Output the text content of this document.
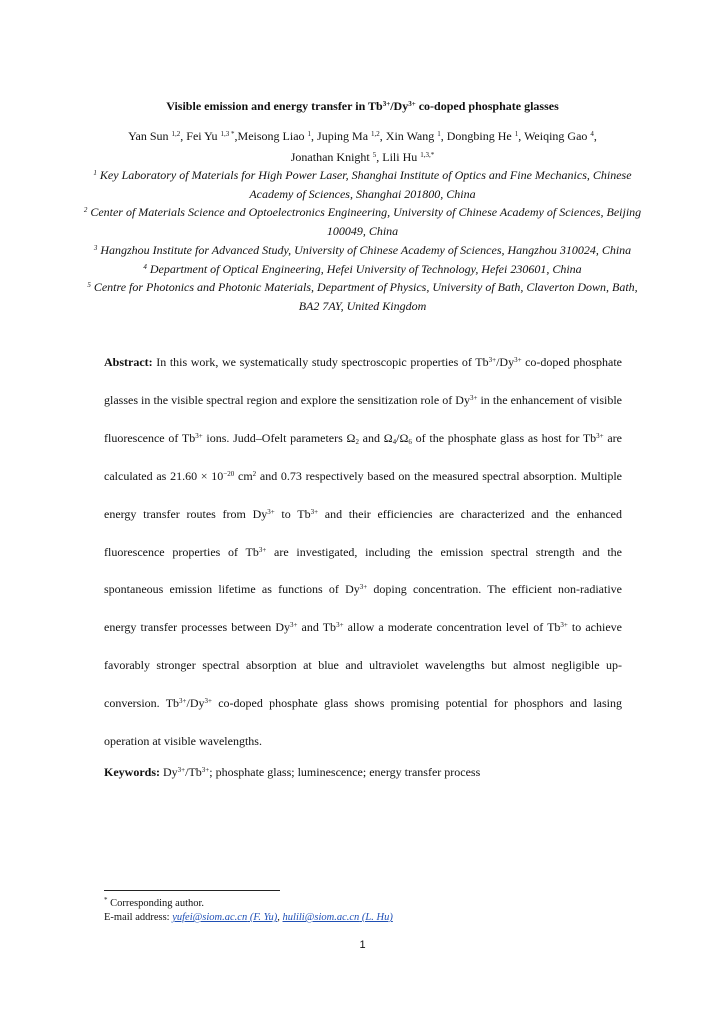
Visible emission and energy transfer in $Tb^{3+}/Dy^{3+}$ co-doped phosphate glasses
Yan Sun $^{1,2}$, Fei Yu $^{1,3 *}$,Meisong Liao $^1$, Juping Ma $^{1,2}$, Xin Wang $^1$, Dongbing He $^1$, Weiqing Gao $^4$,
Jonathan Knight $^5$, Lili Hu $^{1,3,*}$

$^1$ Key Laboratory of Materials for High Power Laser, Shanghai Institute of Optics and Fine Mechanics, Chinese Academy of Sciences, Shanghai 201800, China

$^2$ Center of Materials Science and Optoelectronics Engineering, University of Chinese Academy of Sciences, Beijing 100049, China

$^3$ Hangzhou Institute for Advanced Study, University of Chinese Academy of Sciences, Hangzhou 310024, China

$^4$ Department of Optical Engineering, Hefei University of Technology, Hefei 230601, China

$^5$ Centre for Photonics and Photonic Materials, Department of Physics, University of Bath, Claverton Down, Bath, BA2 7AY, United Kingdom

Abstract: In this work, we systematically study spectroscopic properties of $Tb^{3+}/Dy^{3+}$ co-doped phosphate glasses in the visible spectral region and explore the sensitization role of $Dy^{3+}$ in the enhancement of visible fluorescence of $Tb^{3+}$ ions. Judd–Ofelt parameters $\Omega_2$ and $\Omega_4/\Omega_6$ of the phosphate glass as host for $Tb^{3+}$ are calculated as $21.60 \times 10^{-20}$ $cm^2$ and 0.73 respectively based on the measured spectral absorption. Multiple energy transfer routes from $Dy^{3+}$ to $Tb^{3+}$ and their efficiencies are characterized and the enhanced fluorescence properties of $Tb^{3+}$ are investigated, including the emission spectral strength and the spontaneous emission lifetime as functions of $Dy^{3+}$ doping concentration. The efficient non-radiative energy transfer processes between $Dy^{3+}$ and $Tb^{3+}$ allow a moderate concentration level of $Tb^{3+}$ to achieve favorably stronger spectral absorption at blue and ultraviolet wavelengths but almost negligible up-conversion. $Tb^{3+}/Dy^{3+}$ co-doped phosphate glass shows promising potential for phosphors and lasing operation at visible wavelengths.

Keywords: $Dy^{3+}/Tb^{3+}$; phosphate glass; luminescence; energy transfer process

* Corresponding author.
E-mail address: yufei@siom.ac.cn (F. Yu), hulili@siom.ac.cn (L. Hu)
1
